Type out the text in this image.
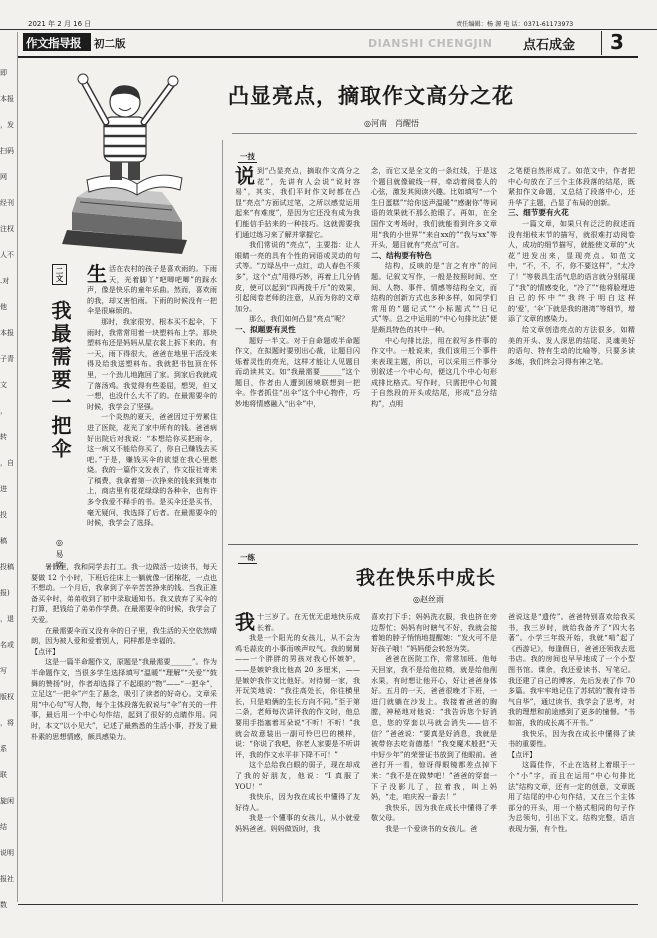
2021 年 2 月 16 日	责任编辑：杨 源 电 话：0371-61173973
作文指导报 初二版	DIANSHI CHENGJIN 点石成金 3
即
本报
，发
扫码
网
经刊
注权
人不
.对
他
本报
子青
文
， 转
，自
进
投
稿
投稿
报)
，退
名或
写
版权
，将
系
联
旋闲
结
说明
报社
数
凸显亮点，摘取作文高分之花
◎河南　肖醒悟
一技
二文
我最需要一把伞
◎易铭

生活在农村的孩子是喜欢雨的。下雨天，光着脚丫“吧唧吧唧”的踩水声，像是快乐的童年乐曲。然而，喜欢雨的我，却又害怕雨。下雨的时候没有一把伞是很麻烦的。

那时，我家很穷，根本买不起伞，下雨时，我常常用着一块塑料布上学。那块塑料布还是妈妈从屋衣裳上拆下来的。有一天，雨下得很大，爸爸在地里干活没来得及给我送塑料布。我就把书包顶在怀里，一个劲儿地跑回了家。到家后我就成了落汤鸡。我觉得有些委屈，想哭，但又一想，也没什么大不了的。在最需要伞的时候，我学会了坚强。

一个炎热的夏天，爸爸因过于劳累住进了医院，花光了家中所有的钱。爸爸病好出院后对我说：“本想给你买把雨伞，这一病又不能给你买了，你自己赚钱去买吧。”于是，赚钱买伞的欲望在我心里燃烧。我的一篇作文发表了，作文报社寄来了稿费，我拿着第一次挣来的钱来到集市上，商店里有花花绿绿的各种伞，也有许多令我爱不释手的书。是买伞还是买书，毫无疑问，我选择了后者。在最需要伞的时候，我学会了选择。

暑假里，我和同学去打工。我一边做活一边读书，每天要做 12 个小时，下班后往床上一躺就像一团棉花，一点也不想动。一个月后，我拿到了辛辛苦苦挣来的钱。当我正准备买伞时，弟弟收到了初中录取通知书。我又放弃了买伞的打算，把钱给了弟弟作学费。在最需要伞的时候，我学会了关爱。

在最需要伞而又没有伞的日子里，我生活的天空依然晴朗，因为被人爱和爱着别人，同样都是幸福的。

【点评】

这是一篇半命题作文，原题是“我最需要______”。作为半命题作文，当很多学生选择填写“温暖”“理解”“关爱”“鼓舞的赞扬”时，作者却选择了不起眼的“物”——“一把伞”，立足这“一把伞”产生了悬念，吸引了读者的好奇心。文章采用“中心句”写人物，每个主体段落先叙说与“伞”有关的一件事，最后用一个中心句作结，起到了很好的点睛作用。同时，本文“以小见大”，记述了最熟悉的生活小事，抒发了最朴素的思想情感，颇具感染力。

说到“凸显亮点，摘取作文高分之花”，先讲有人会说“说时容易”，其实，我们平时作文时都在凸显“亮点”方面试过笔，之所以感觉运用起来“有难度”，是因为它还没有成为我们能信手拈来的一种技巧。这就需要我们通过练习来了解并掌握它。

我们常说的“亮点”，主要指：让人眼睛一亮的具有个性的词语或灵动的句式等。“万绿丛中一点红，动人春色不须多”，这个“点”用得巧妙，再着上几分俏皮，使可以起到“四两拨千斤”的效果，引起阅卷老师的注意，从而为你的文章加分。

那么，我们如何凸显“亮点”呢？

一、拟题要有灵性

题好一半文。对于自命题或半命题作文，在拟题时要别出心裁，让题目闪烁着灵性的亮光，这样才能让人见题目而动读其文。如“我最需要______”这个题目，作者由人遭到困境联想到一把伞。作者抓住“出伞”这个中心物件，巧妙地将情感融入“出伞”中，

念，而它又是全文的一条红线，于是这个题目就像破线一样，牵动着阅卷人的心弦，激发其阅读兴趣。比如填写“一个生日蛋糕”“给你送声温暖”“感谢你”等词语的效果就不那么抢眼了。再如，在全国作文考场时，我们就能看到许多文章用“我的小世界”“来自xx的”“我与xx”等开头，题目就有“亮点”可言。

二、结构要有特色

结构，反映的是“言之有序”的问题。记叙文写作，一般是按照时间、空间、人物、事件、情感等结构全文，而结构的创新方式也多种多样，如同学们常用的“题记式”“小标题式”“日记式”等。总之中运用的“中心句排比法”便是颇具特色的其中一种。

中心句排比法，用在叙写多件事的作文中。一般说来，我们该用三个事件来表现主题，所以，可以采用三件事分别叙述一个中心句，便这几个中心句形成排比格式。写作时，只需把中心句置于自然段的开头或结尾，形成“总分结构”，点明

之笔便自然形成了。如范文中，作者把中心句放在了三个主体段落的结尾，既紧扣作文命题，又总结了段落中心，还升华了主题，凸显了布局的创新。

三、细节要有火花

一篇文章，如果只有泛泛的叙述而没有细枝末节的描写，就很难打动阅卷人，成功的细节描写，就能使文章的“火花”迸发出来，显现亮点。如范文中，“不，不，不，你不要这样”，“太冷了！”等极具生活气息的语言就分别展现了“我”的情感变化，“冷了”“他将脸埋进自己的怀中”“我终于明白这样的‘爱’，‘伞’下就是我的港湾”等细节，增添了文章的感染力。

给文章创造亮点的方法很多，如精美的开头、发人深思的结尾、灵魂美好的语句、特有生动的比喻等，只要多读多练，我们终会习得有神之笔。

一练
我在快乐中成长
◎赵丝雨

我十三岁了。在无忧无虑地快乐成长着。

我是一个阳光的女孩儿，从不会为鸡毛蒜皮的小事而唉声叹气。我的舅舅——一个胖胖的男孩对我心怀嫉妒，——是嫉妒我比他高 20 多厘米，——是嫉妒我作文比他好。对待舅一家，我开玩笑地说：“我往高处长，你往横里长，只是咱俩的生长方向不同。”至于第二条，老师每次讲评我的作文时，他总要用手指塞着耳朵说“不听！不听！”我就会故意装出一副可怜巴巴的模样，说：“你说了我吧，你老人家要是不听讲评，我的作文水平非下降不可！”

这个总给我白眼的弱子，现在却成了我的好朋友，他说：“I 真服了 YOU！”

我快乐，因为我在成长中懂得了友好待人。

我是一个懂事的女孩儿，从小就爱妈妈爸爸。妈妈做饭时，我

喜欢打下手；妈妈洗衣服，我也挤在旁边帮忙；妈妈有时瞎气不好，我就会接着她的脖子悄悄地提醒她：“发火可不是好孩子哦！”妈妈便会转怒为笑。

爸爸在医院工作，常常加班。他每天回家，我不是给他拉椅，就是给他削水果，有时想让他开心，好让爸爸身体好。五月的一天，爸爸很晚才下班，一进门就躺在沙发上。我接着爸爸的胸膛，神秘地对他说：“我告诉您个好消息，您的穿套以马就会消失——信不信？”爸爸说：“要真是好消息，我就是被带你去吃肯德基！”我变魔术般把“天中好少年”的荣誉证书放到了他眼前。爸爸打开一看，惊讶得眼镜都差点掉下来：“我不是在做梦吧！”爸爸的穿套一下子没影儿了，拉着我，叫上妈妈，“走，咱庆祝一番去！”

我快乐，因为我在成长中懂得了孝敬父母。

我是一个爱读书的女孩儿。爸

爸说这是“遗传”。爸爸特别喜欢给我买书，我三岁时，就给我备齐了“四大名著”。小学三年级开始，我就“啃”起了《西游记》，每逢假日，爸爸还领我去逛书店。我的房间也早早地成了一个小型图书馆。课余，我还爱读书、写笔记。我还建了自己的博客，先后发表了作 70 多篇。我牢牢地记住了苏轼的“腹有诗书气自华”，通过读书，我学会了思考，对我的理想和前途感到了更多的憧憬。“书如笛，我的成长离不开书。”

我快乐，因为我在成长中懂得了读书的重要性。

【点评】

这篇佳作，不止在选材上着眼于一个“小”字，而且在运用“中心句排比法”结构文章，还有一定的创意，文章既用了结尾的中心句作结，又在三个主体部分的开头，用一个格式相同的句子作为总领句，引出下文。结构完整，语言表现力强，有个性。
